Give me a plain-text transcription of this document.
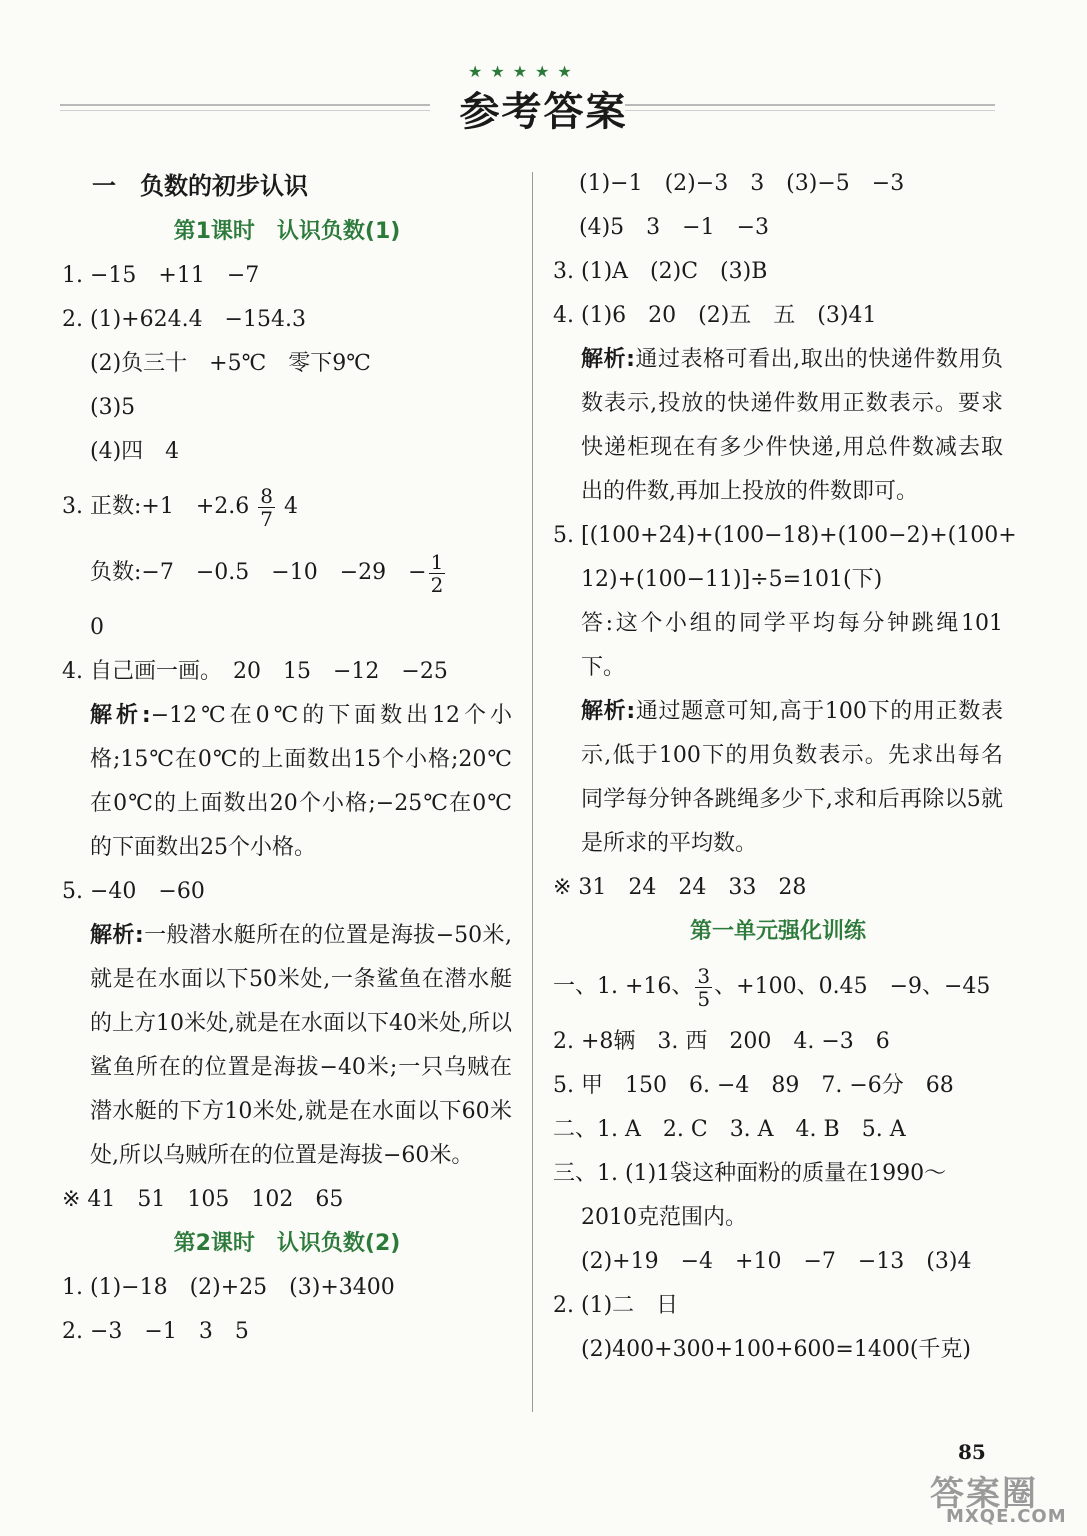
★★★★★
参考答案
一　负数的初步认识
第1课时　认识负数(1)
1. −15　+11　−7
2. (1)+624.4　−154.3
(2)负三十　+5℃　零下9℃
(3)5
(4)四　4
3. 正数:+1　$+2.6 \frac{8}{7} 4$
负数:−7　−0.5　−10　−29　− $\frac{1}{2}$
0
4. 自己画一画。　20　15　−12　−25
解析:−12℃在0℃的下面数出12个小格;15℃在0℃的上面数出15个小格;20℃在0℃的上面数出20个小格;−25℃在0℃的下面数出25个小格。
5. −40　−60
解析:一般潜水艇所在的位置是海拔−50米,就是在水面以下50米处,一条鲨鱼在潜水艇的上方10米处,就是在水面以下40米处,所以鲨鱼所在的位置是海拔−40米;一只乌贼在潜水艇的下方10米处,就是在水面以下60米处,所以乌贼所在的位置是海拔−60米。
※ 41　51　105　102　65
第2课时　认识负数(2)
1. (1)−18　(2)+25　(3)+3400
2. −3　−1　3　5
(1)−1　(2)−3　3　(3)−5　−3
(4)5　3　−1　−3
3. (1)A　(2)C　(3)B
4. (1)6　20　(2)五　五　(3)41
解析:通过表格可看出,取出的快递件数用负数表示,投放的快递件数用正数表示。要求快递柜现在有多少件快递,用总件数减去取出的件数,再加上投放的件数即可。
5. [(100+24)+(100−18)+(100−2)+(100+
12)+(100−11)]÷5=101(下)
答:这个小组的同学平均每分钟跳绳101下。
解析:通过题意可知,高于100下的用正数表示,低于100下的用负数表示。先求出每名同学每分钟各跳绳多少下,求和后再除以5就是所求的平均数。
※ 31　24　24　33　28
第一单元强化训练
一、1. +16、 $\frac{3}{5}$ 、+100、0.45　−9、−45
2. +8辆　3. 西　200　4. −3　6
5. 甲　150　6. −4　89　7. −6分　68
二、1. A　2. C　3. A　4. B　5. A
三、1. (1)1袋这种面粉的质量在1990～
2010克范围内。
(2)+19　−4　+10　−7　−13　(3)4
2. (1)二　日
(2)400+300+100+600=1400(千克)
85
答案圈
MXQE.COM
